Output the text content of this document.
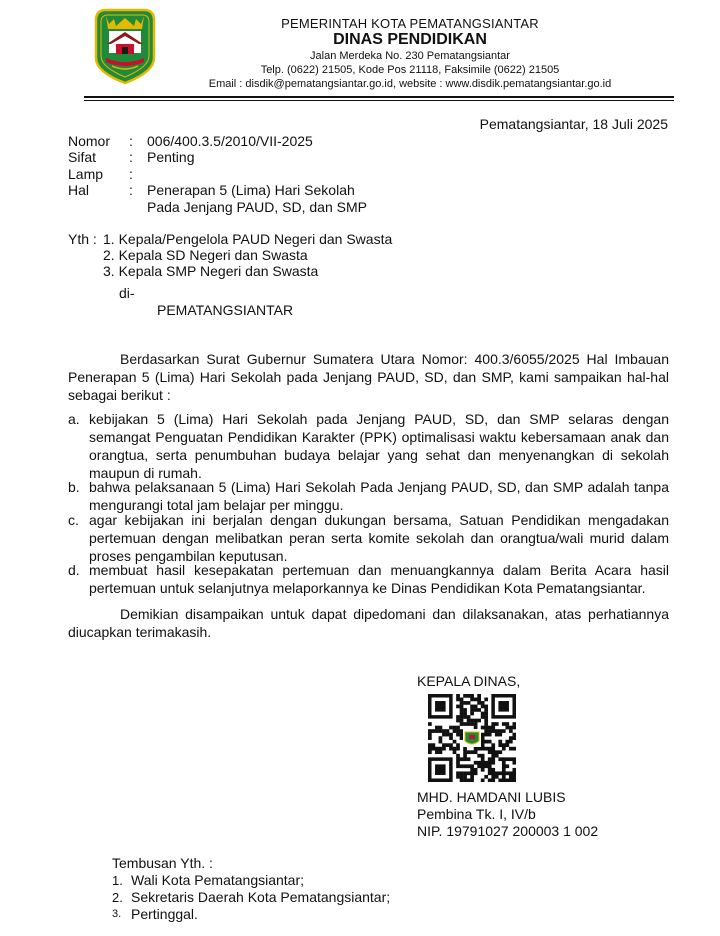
PEMERINTAH KOTA PEMATANGSIANTAR
DINAS PENDIDIKAN
Jalan Merdeka No. 230 Pematangsiantar
Telp. (0622) 21505, Kode Pos 21118, Faksimile (0622) 21505
Email : disdik@pematangsiantar.go.id, website : www.disdik.pematangsiantar.go.id
Pematangsiantar, 18 Juli 2025
Nomor : 006/400.3.5/2010/VII-2025
Sifat : Penting
Lamp :
Hal	: Penerapan 5 (Lima) Hari Sekolah
Pada Jenjang PAUD, SD, dan SMP
Yth : 1. Kepala/Pengelola PAUD Negeri dan Swasta
2. Kepala SD Negeri dan Swasta
3. Kepala SMP Negeri dan Swasta
di-
PEMATANGSIANTAR
Berdasarkan Surat Gubernur Sumatera Utara Nomor: 400.3/6055/2025 Hal Imbauan Penerapan 5 (Lima) Hari Sekolah pada Jenjang PAUD, SD, dan SMP, kami sampaikan hal-hal sebagai berikut :
a. kebijakan 5 (Lima) Hari Sekolah pada Jenjang PAUD, SD, dan SMP selaras dengan semangat Penguatan Pendidikan Karakter (PPK) optimalisasi waktu kebersamaan anak dan orangtua, serta penumbuhan budaya belajar yang sehat dan menyenangkan di sekolah maupun di rumah.
b. bahwa pelaksanaan 5 (Lima) Hari Sekolah Pada Jenjang PAUD, SD, dan SMP adalah tanpa mengurangi total jam belajar per minggu.
c. agar kebijakan ini berjalan dengan dukungan bersama, Satuan Pendidikan mengadakan pertemuan dengan melibatkan peran serta komite sekolah dan orangtua/wali murid dalam proses pengambilan keputusan.
d. membuat hasil kesepakatan pertemuan dan menuangkannya dalam Berita Acara hasil pertemuan untuk selanjutnya melaporkannya ke Dinas Pendidikan Kota Pematangsiantar.
Demikian disampaikan untuk dapat dipedomani dan dilaksanakan, atas perhatiannya diucapkan terimakasih.
KEPALA DINAS,
MHD. HAMDANI LUBIS
Pembina Tk. I, IV/b
NIP. 19791027 200003 1 002
Tembusan Yth. :
1. Wali Kota Pematangsiantar;
2. Sekretaris Daerah Kota Pematangsiantar;
3. Pertinggal.
